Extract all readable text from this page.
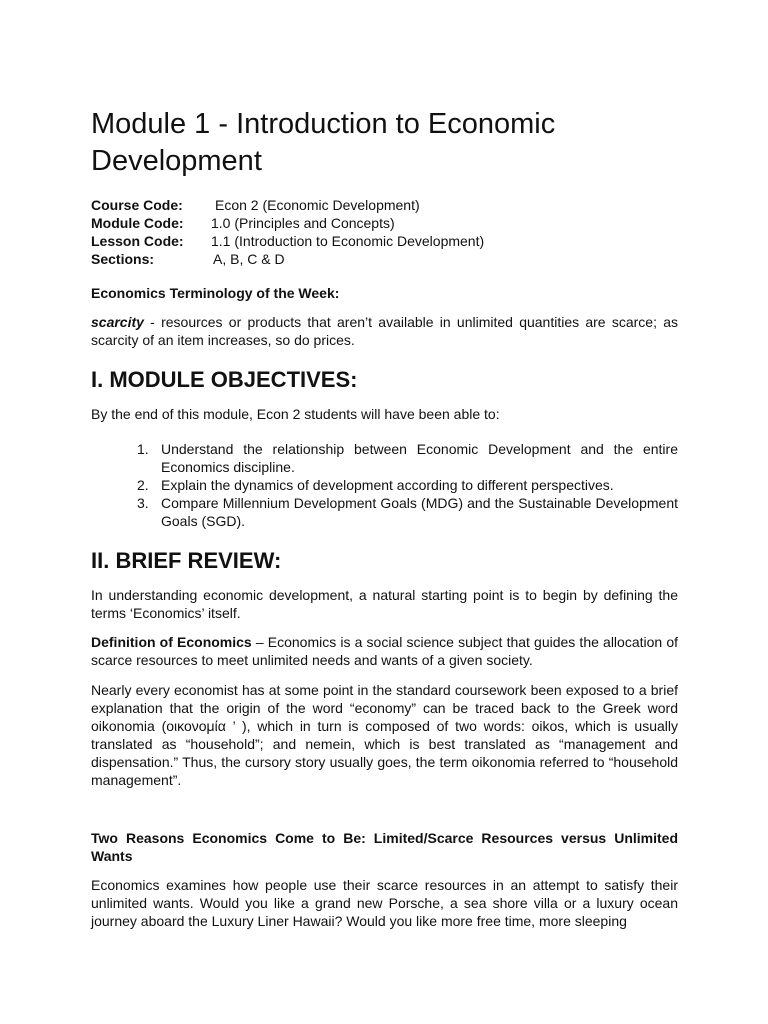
Module 1 - Introduction to Economic Development
Course Code: Econ 2 (Economic Development)
Module Code: 1.0 (Principles and Concepts)
Lesson Code: 1.1 (Introduction to Economic Development)
Sections:	A, B, C & D

Economics Terminology of the Week:

scarcity - resources or products that aren’t available in unlimited quantities are scarce; as scarcity of an item increases, so do prices.

I. MODULE OBJECTIVES:

By the end of this module, Econ 2 students will have been able to:

1. Understand the relationship between Economic Development and the entire Economics discipline.
2. Explain the dynamics of development according to different perspectives.
3. Compare Millennium Development Goals (MDG) and the Sustainable Development Goals (SGD).
II. BRIEF REVIEW:

In understanding economic development, a natural starting point is to begin by defining the terms ‘Economics’ itself.

Definition of Economics – Economics is a social science subject that guides the allocation of scarce resources to meet unlimited needs and wants of a given society.

Nearly every economist has at some point in the standard coursework been exposed to a brief explanation that the origin of the word “economy” can be traced back to the Greek word oikonomia (οικονομία ’ ), which in turn is composed of two words: oikos, which is usually translated as “household”; and nemein, which is best translated as “management and dispensation.” Thus, the cursory story usually goes, the term oikonomia referred to “household management”.

Two Reasons Economics Come to Be: Limited/Scarce Resources versus Unlimited Wants

Economics examines how people use their scarce resources in an attempt to satisfy their unlimited wants. Would you like a grand new Porsche, a sea shore villa or a luxury ocean journey aboard the Luxury Liner Hawaii? Would you like more free time, more sleeping
